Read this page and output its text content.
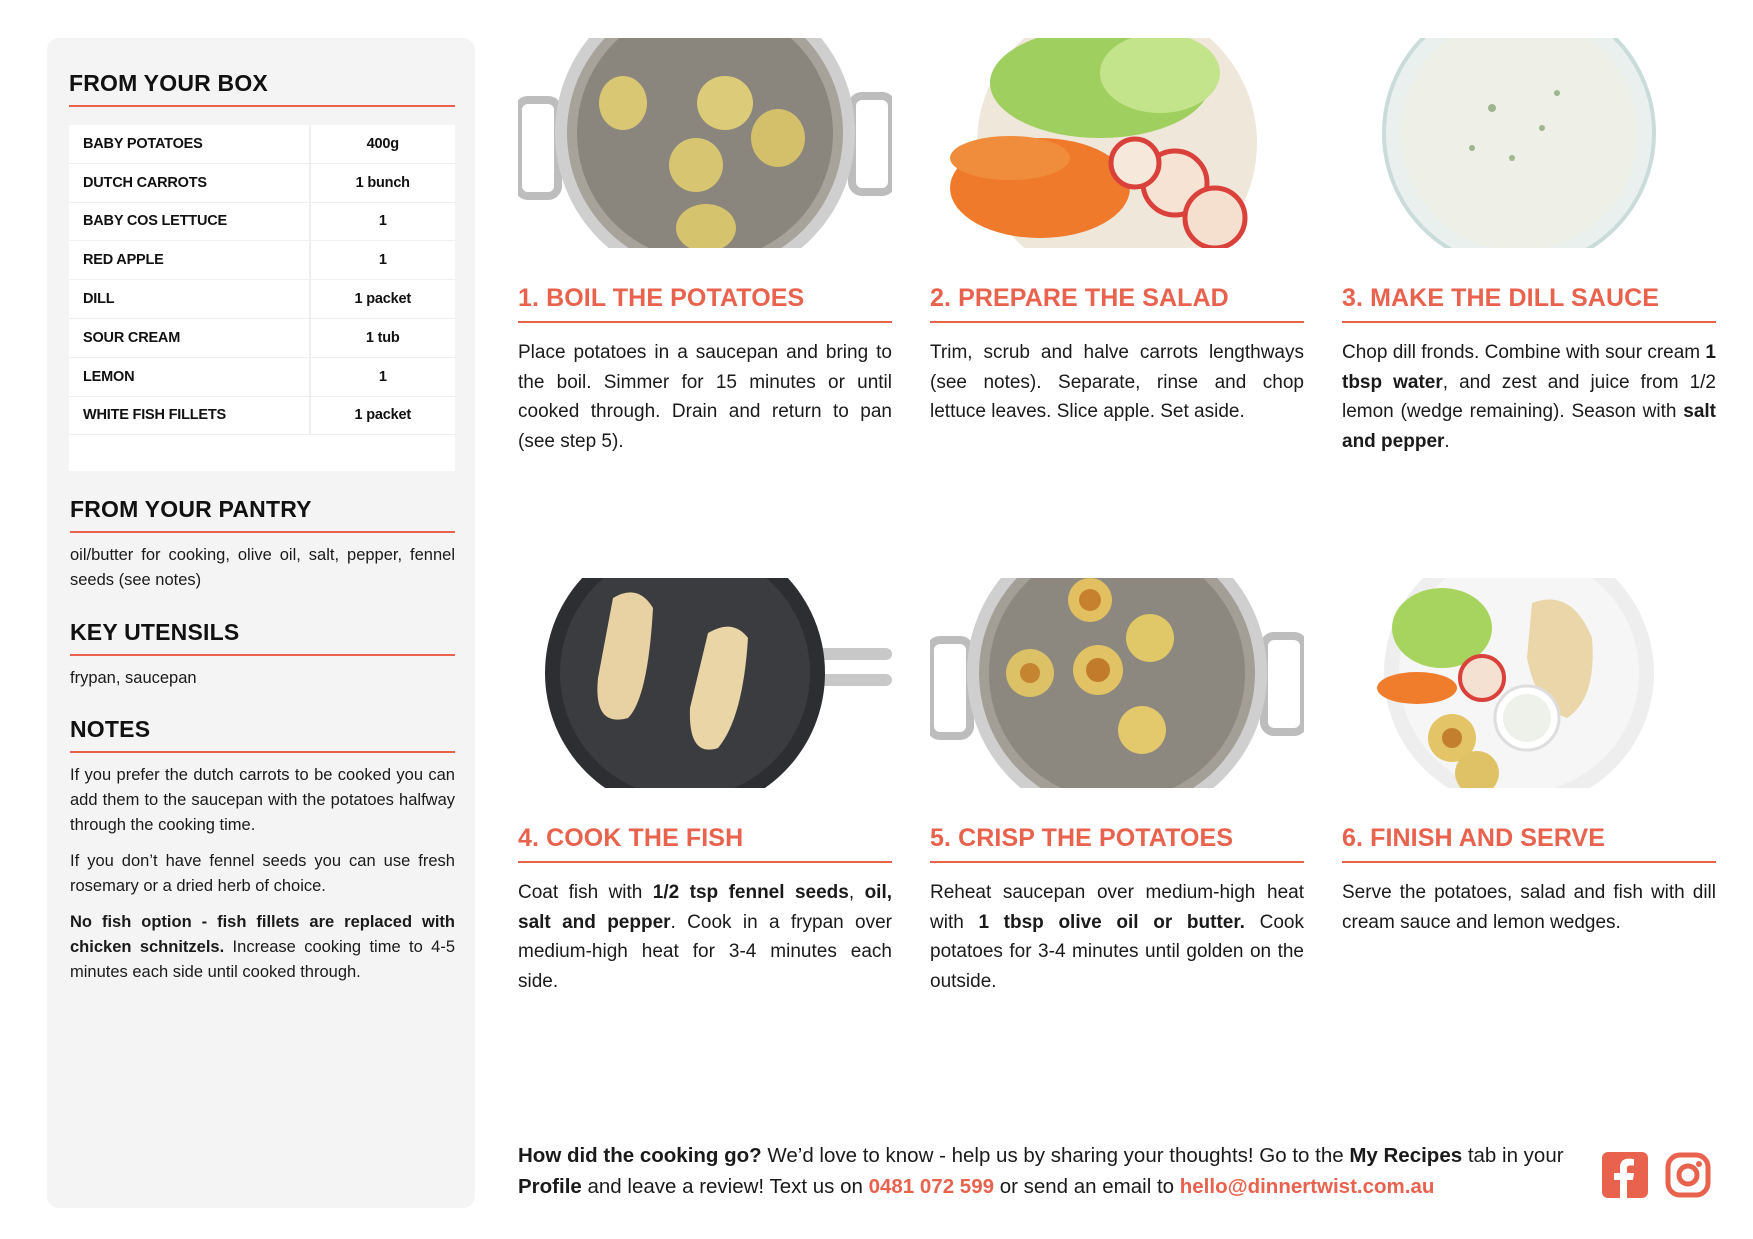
FROM YOUR BOX
BABY POTATOES	400g
DUTCH CARROTS	1 bunch
BABY COS LETTUCE	1
RED APPLE	1
DILL	1 packet
SOUR CREAM	1 tub
LEMON	1
WHITE FISH FILLETS	1 packet
FROM YOUR PANTRY

oil/butter for cooking, olive oil, salt, pepper, fennel seeds (see notes)

KEY UTENSILS

frypan, saucepan

NOTES

If you prefer the dutch carrots to be cooked you can add them to the saucepan with the potatoes halfway through the cooking time.

If you don’t have fennel seeds you can use fresh rosemary or a dried herb of choice.

No fish option - fish fillets are replaced with chicken schnitzels. Increase cooking time to 4-5 minutes each side until cooked through.

1. BOIL THE POTATOES

Place potatoes in a saucepan and bring to the boil. Simmer for 15 minutes or until cooked through. Drain and return to pan (see step 5).

2. PREPARE THE SALAD

Trim, scrub and halve carrots lengthways (see notes). Separate, rinse and chop lettuce leaves. Slice apple. Set aside.

3. MAKE THE DILL SAUCE

Chop dill fronds. Combine with sour cream 1 tbsp water, and zest and juice from 1/2 lemon (wedge remaining). Season with salt and pepper.

4. COOK THE FISH

Coat fish with 1/2 tsp fennel seeds, oil, salt and pepper. Cook in a frypan over medium-high heat for 3-4 minutes each side.

5. CRISP THE POTATOES

Reheat saucepan over medium-high heat with 1 tbsp olive oil or butter. Cook potatoes for 3-4 minutes until golden on the outside.

6. FINISH AND SERVE

Serve the potatoes, salad and fish with dill cream sauce and lemon wedges.

How did the cooking go? We’d love to know - help us by sharing your thoughts! Go to the My Recipes tab in your Profile and leave a review! Text us on 0481 072 599 or send an email to hello@dinnertwist.com.au
